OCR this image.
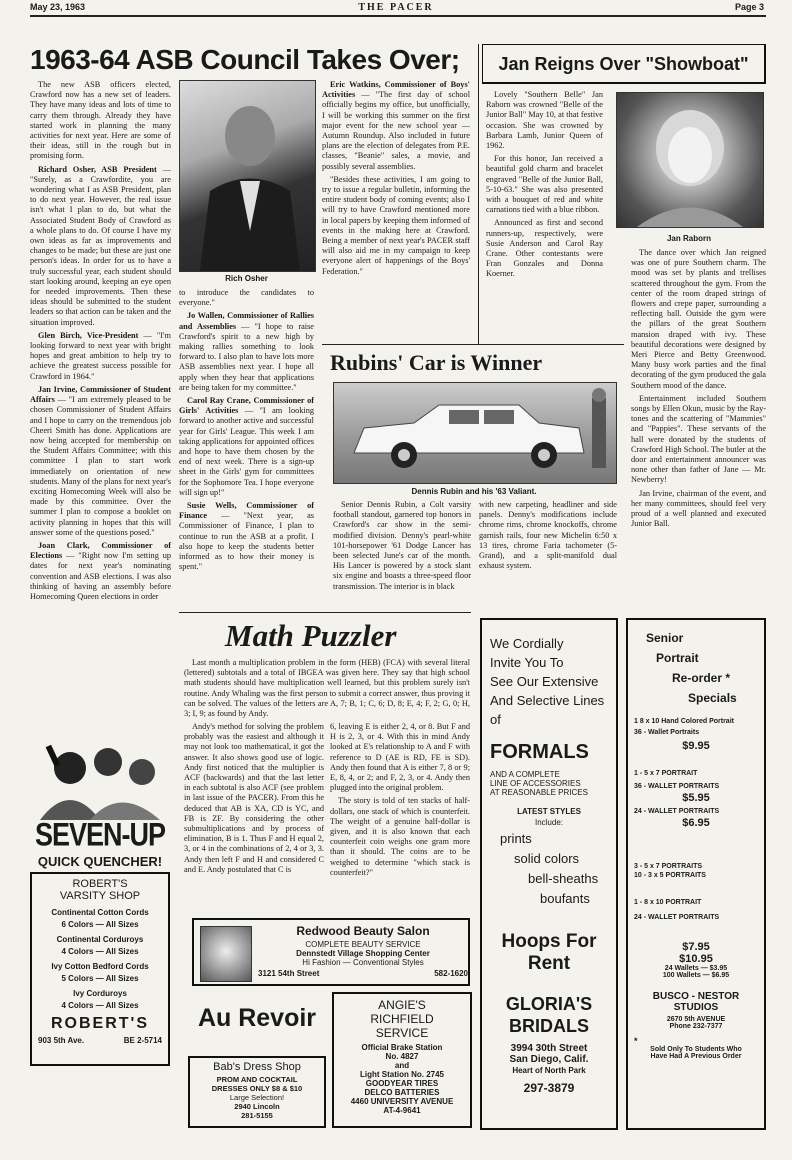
May 23, 1963	THE PACER	Page 3
1963-64 ASB Council Takes Over;

The new ASB officers elected, Crawford now has a new set of leaders. They have many ideas and lots of time to carry them through. Already they have started work in planning the many activities for next year. Here are some of their ideas, still in the rough but in promising form.

Richard Osher, ASB President — "Surely, as a Crawfordite, you are wondering what I as ASB President, plan to do next year. However, the real issue isn't what I plan to do, but what the Associated Student Body of Crawford as a whole plans to do. Of course I have my own ideas as far as improvements and changes to be made; but these are just one person's ideas. In order for us to have a truly successful year, each student should start looking around, keeping an eye open for needed improvements. Then these ideas should be submitted to the student leaders so that action can be taken and the situation improved.

Glen Birch, Vice-President — "I'm looking forward to next year with bright hopes and great ambition to help try to achieve the greatest success possible for Crawford in 1964."

Jan Irvine, Commissioner of Student Affairs — "I am extremely pleased to be chosen Commissioner of Student Affairs and I hope to carry on the tremendous job Cheeri Smith has done. Applications are now being accepted for membership on the Student Affairs Committee; with this committee I plan to start work immediately on orientation of new students. Many of the plans for next year's exciting Homecoming Week will also be made by this committee. Over the summer I plan to compose a booklet on activity planning in hopes that this will answer some of the questions posed."

Joan Clark, Commissioner of Elections — "Right now I'm setting up dates for next year's nominating convention and ASB elections. I was also thinking of having an assembly before Homecoming Queen elections in order

Rich Osher

to introduce the candidates to everyone."

Jo Wallen, Commissioner of Rallies and Assemblies — "I hope to raise Crawford's spirit to a new high by making rallies something to look forward to. I also plan to have lots more ASB assemblies next year. I hope all apply when they hear that applications are being taken for my committee."

Carol Ray Crane, Commissioner of Girls' Activities — "I am looking forward to another active and successful year for Girls' League. This week I am taking applications for appointed offices and hope to have them chosen by the end of next week. There is a sign-up sheet in the Girls' gym for committees for the Sophomore Tea. I hope everyone will sign up!"

Susie Wells, Commissioner of Finance — "Next year, as Commissioner of Finance, I plan to continue to run the ASB at a profit. I also hope to keep the students better informed as to how their money is spent."

Eric Watkins, Commissioner of Boys' Activities — "The first day of school officially begins my office, but unofficially, I will be working this summer on the first major event for the new school year — Autumn Roundup. Also included in future plans are the election of delegates from P.E. classes, "Beanie" sales, a movie, and possibly several assemblies.

"Besides these activities, I am going to try to issue a regular bulletin, informing the entire student body of coming events; also I will try to have Crawford mentioned more in local papers by keeping them informed of events in the making here at Crawford. Being a member of next year's PACER staff will also aid me in my campaign to keep everyone alert of happenings of the Boys' Federation."

Jan Reigns Over "Showboat"

Lovely "Southern Belle" Jan Raborn was crowned "Belle of the Junior Ball" May 10, at that festive occasion. She was crowned by Barbara Lamb, Junior Queen of 1962.

For this honor, Jan received a beautiful gold charm and bracelet engraved "Belle of the Junior Ball, 5-10-63." She was also presented with a bouquet of red and white carnations tied with a blue ribbon.

Announced as first and second runners-up, respectively, were Susie Anderson and Carol Ray Crane. Other contestants were Fran Gonzales and Donna Koerner.

Jan Raborn

The dance over which Jan reigned was one of pure Southern charm. The mood was set by plants and trellises scattered throughout the gym. From the center of the room draped strings of flowers and crepe paper, surrounding a reflecting ball. Outside the gym were the pillars of the great Southern mansion draped with ivy. These beautiful decorations were designed by Meri Pierce and Betty Greenwood. Many busy work parties and the final decorating of the gym produced the gala Southern mood of the dance.

Entertainment included Southern songs by Ellen Okun, music by the Ray-tones and the scattering of "Mammies" and "Pappies". These servants of the hall were donated by the students of Crawford High School. The butler at the door and entertainment announcer was none other than father of Jane — Mr. Newberry!

Jan Irvine, chairman of the event, and her many committees, should feel very proud of a well planned and executed Junior Ball.

Rubins' Car is Winner
Dennis Rubin and his '63 Valiant.

Senior Dennis Rubin, a Colt varsity football standout, garnered top honors in Crawford's car show in the semi-modified division. Denny's pearl-white 101-horsepower '61 Dodge Lancer has been selected June's car of the month. His Lancer is powered by a stock slant six engine and boasts a three-speed floor transmission. The interior is in black

with new carpeting, headliner and side panels. Denny's modifications include chrome rims, chrome knockoffs, chrome garnish rails, four new Michelin 6:50 x 13 tires, chrome Faria tachometer (5-Grand), and a split-manifold dual exhaust system.

Math Puzzler

Last month a multiplication problem in the form (HEB) (FCA) with several literal (lettered) subtotals and a total of IBGEA was given here. They say that high school math students should have multiplication well learned, but this problem surely isn't routine. Andy Whaling was the first person to submit a correct answer, thus proving it can be solved. The values of the letters are A, 7; B, 1; C, 6; D, 8; E, 4; F, 2; G, 0; H, 3; I, 9; as found by Andy.

Andy's method for solving the problem probably was the easiest and although it may not look too mathematical, it got the answer. It also shows good use of logic. Andy first noticed that the multiplier is ACF (backwards) and that the last letter in each subtotal is also ACF (see problem in last issue of the PACER). From this he deduced that AB is XA, CD is YC, and FB is ZF. By considering the other submultiplications and by process of elimination, B is 1. Thus F and H equal 2, 3, or 4 in the combinations of 2, 4 or 3, 3. Andy then left F and H and considered C and E. Andy postulated that C is

6, leaving E is either 2, 4, or 8. But F and H is 2, 3, or 4. With this in mind Andy looked at E's relationship to A and F with reference to D (AE is RD, FE is SD). Andy then found that A is either 7, 8 or 9; E, 8, 4, or 2; and F, 2, 3, or 4. Andy then plugged into the original problem.

The story is told of ten stacks of half-dollars, one stack of which is counterfeit. The weight of a genuine half-dollar is given, and it is also known that each counterfeit coin weighs one gram more than it should. The coins are to be weighed to determine "which stack is counterfeit?"

SEVEN-UP
QUICK QUENCHER!
ROBERT'S
VARSITY SHOP
Continental Cotton Cords
6 Colors — All Sizes
Continental Corduroys
4 Colors — All Sizes
Ivy Cotton Bedford Cords
5 Colors — All Sizes
Ivy Corduroys
4 Colors — All Sizes
ROBERT'S
903 5th Ave.	BE 2-5714
Redwood Beauty Salon
COMPLETE BEAUTY SERVICE
Dennstedt Village Shopping Center
Hi Fashion — Conventional Styles
3121 54th Street	582-1620
Au Revoir
Bab's Dress Shop
PROM AND COCKTAIL
DRESSES ONLY $8 & $10
Large Selection!
2940 Lincoln
281-5155
ANGIE'S
RICHFIELD
SERVICE
Official Brake Station
No. 4827
and
Light Station No. 2745
GOODYEAR TIRES
DELCO BATTERIES
4460 UNIVERSITY AVENUE
AT-4-9641
We Cordially
Invite You To
See Our Extensive
And Selective Lines
of
FORMALS
AND A COMPLETE
LINE OF ACCESSORIES
AT REASONABLE PRICES
LATEST STYLES
Include:
prints
solid colors
bell-sheaths
boufants
Hoops For
Rent
GLORIA'S
BRIDALS
3994 30th Street
San Diego, Calif.
Heart of North Park
297-3879
Senior
Portrait
Re-order *
Specials
1 8 x 10 Hand Colored Portrait
36 - Wallet Portraits
$9.95
1 - 5 x 7 PORTRAIT
36 - WALLET PORTRAITS
$5.95
24 - WALLET PORTRAITS
$6.95
3 - 5 x 7 PORTRAITS
10 - 3 x 5 PORTRAITS
1 - 8 x 10 PORTRAIT
24 - WALLET PORTRAITS
$7.95
$10.95
24 Wallets — $3.95
100 Wallets — $6.95
BUSCO - NESTOR
STUDIOS
2670 5th AVENUE
Phone 232-7377
*
Sold Only To Students Who
Have Had A Previous Order
